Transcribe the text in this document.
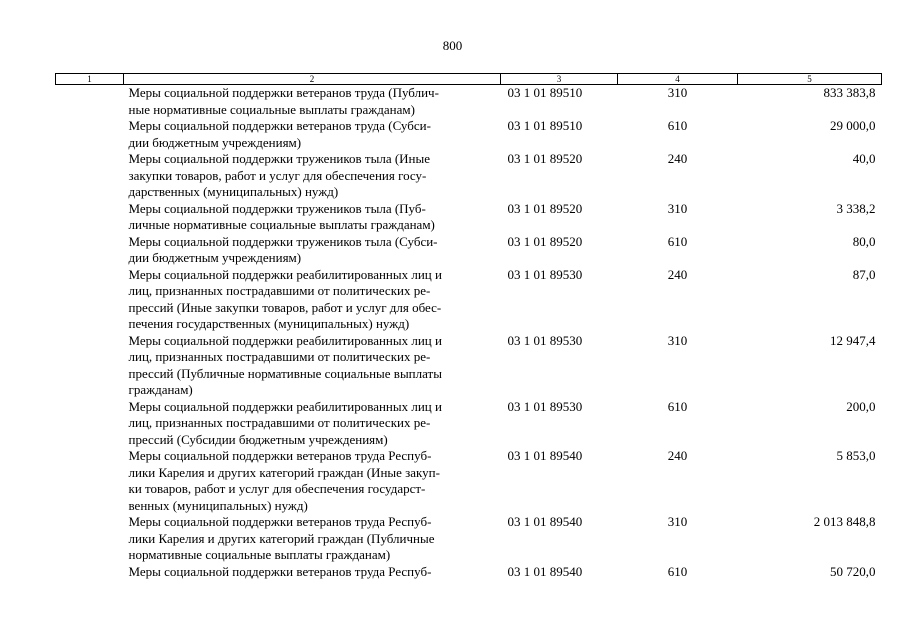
800
1	2	3	4	5

	Меры социальной поддержки ветеранов труда (Публич-
ные нормативные социальные выплаты гражданам)	03 1 01 89510	310	833 383,8

	Меры социальной поддержки ветеранов труда (Субси-
дии бюджетным учреждениям)	03 1 01 89510	610	29 000,0

	Меры социальной поддержки тружеников тыла (Иные
закупки товаров, работ и услуг для обеспечения госу-
дарственных (муниципальных) нужд)	03 1 01 89520	240	40,0

	Меры социальной поддержки тружеников тыла (Пуб-
личные нормативные социальные выплаты гражданам)	03 1 01 89520	310	3 338,2

	Меры социальной поддержки тружеников тыла (Субси-
дии бюджетным учреждениям)	03 1 01 89520	610	80,0

	Меры социальной поддержки реабилитированных лиц и
лиц, признанных пострадавшими от политических ре-
прессий (Иные закупки товаров, работ и услуг для обес-
печения государственных (муниципальных) нужд)	03 1 01 89530	240	87,0

	Меры социальной поддержки реабилитированных лиц и
лиц, признанных пострадавшими от политических ре-
прессий (Публичные нормативные социальные выплаты
гражданам)	03 1 01 89530	310	12 947,4

	Меры социальной поддержки реабилитированных лиц и
лиц, признанных пострадавшими от политических ре-
прессий (Субсидии бюджетным учреждениям)	03 1 01 89530	610	200,0

	Меры социальной поддержки ветеранов труда Респуб-
лики Карелия и других категорий граждан (Иные закуп-
ки товаров, работ и услуг для обеспечения государст-
венных (муниципальных) нужд)	03 1 01 89540	240	5 853,0

	Меры социальной поддержки ветеранов труда Респуб-
лики Карелия и других категорий граждан (Публичные
нормативные социальные выплаты гражданам)	03 1 01 89540	310	2 013 848,8

	Меры социальной поддержки ветеранов труда Респуб-	03 1 01 89540	610	50 720,0
